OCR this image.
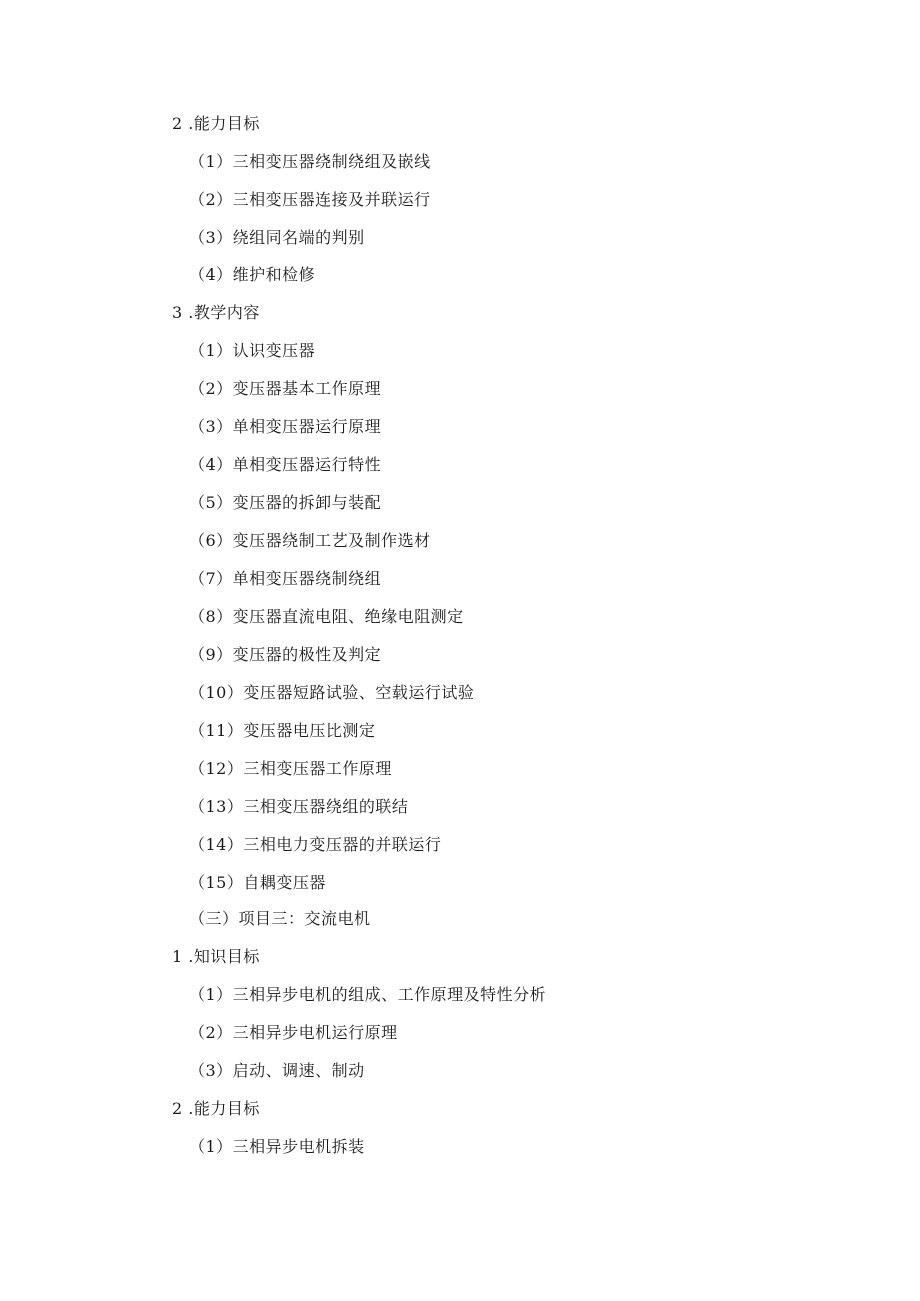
2 .能力目标
（1）三相变压器绕制绕组及嵌线
（2）三相变压器连接及并联运行
（3）绕组同名端的判别
（4）维护和检修
3 .教学内容
（1）认识变压器
（2）变压器基本工作原理
（3）单相变压器运行原理
（4）单相变压器运行特性
（5）变压器的拆卸与装配
（6）变压器绕制工艺及制作选材
（7）单相变压器绕制绕组
（8）变压器直流电阻、绝缘电阻测定
（9）变压器的极性及判定
（10）变压器短路试验、空载运行试验
（11）变压器电压比测定
（12）三相变压器工作原理
（13）三相变压器绕组的联结
（14）三相电力变压器的并联运行
（15）自耦变压器
（三）项目三：交流电机
1 .知识目标
（1）三相异步电机的组成、工作原理及特性分析
（2）三相异步电机运行原理
（3）启动、调速、制动
2 .能力目标
（1）三相异步电机拆装
